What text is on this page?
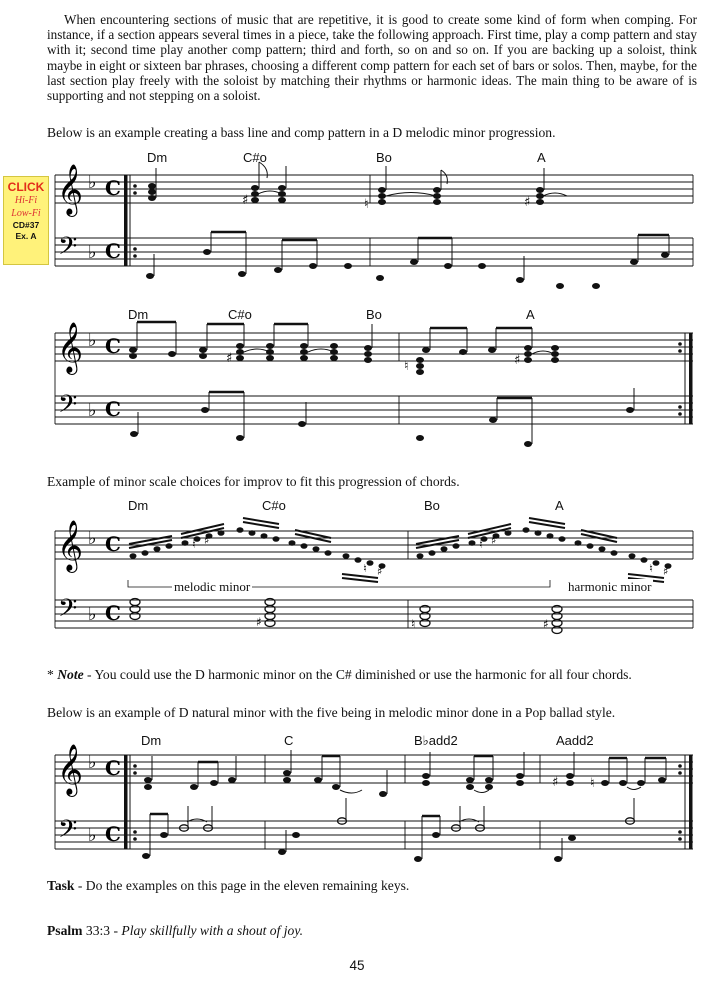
When encountering sections of music that are repetitive, it is good to create some kind of form when comping. For instance, if a section appears several times in a piece, take the following approach. First time, play a comp pattern and stay with it; second time play another comp pattern; third and forth, so on and so on. If you are backing up a soloist, think maybe in eight or sixteen bar phrases, choosing a different comp pattern for each set of bars or solos. Then, maybe, for the last section play freely with the soloist by matching their rhythms or harmonic ideas. The main thing to be aware of is supporting and not stepping on a soloist.

Below is an example creating a bass line and comp pattern in a D melodic minor progression.
CLICK
Hi-Fi
Low-Fi
CD#37
Ex. A
Dm	C#o	Bo	A
𝄞
𝄢
♭
♭
C
C
♯	♮	♯
Dm	C#o	Bo	A
𝄞
𝄢
♭
♭
C
C
♯
♮	♯
Example of minor scale choices for improv to fit this progression of chords.
Dm	C#o	Bo	A
𝄞
𝄢
♭
♭
C
C
♮ ♯
♮ ♯
♮ ♯
♮ ♯
♯	♮	♯
melodic minor	harmonic minor
* Note - You could use the D harmonic minor on the C# diminished or use the harmonic for all four chords.
Below is an example of D natural minor with the five being in melodic minor done in a Pop ballad style.
Dm	C	B♭add2	Aadd2
𝄞
𝄢
♭
♭
C
C
♯ ♮
Task - Do the examples on this page in the eleven remaining keys.
Psalm 33:3 - Play skillfully with a shout of joy.
45
